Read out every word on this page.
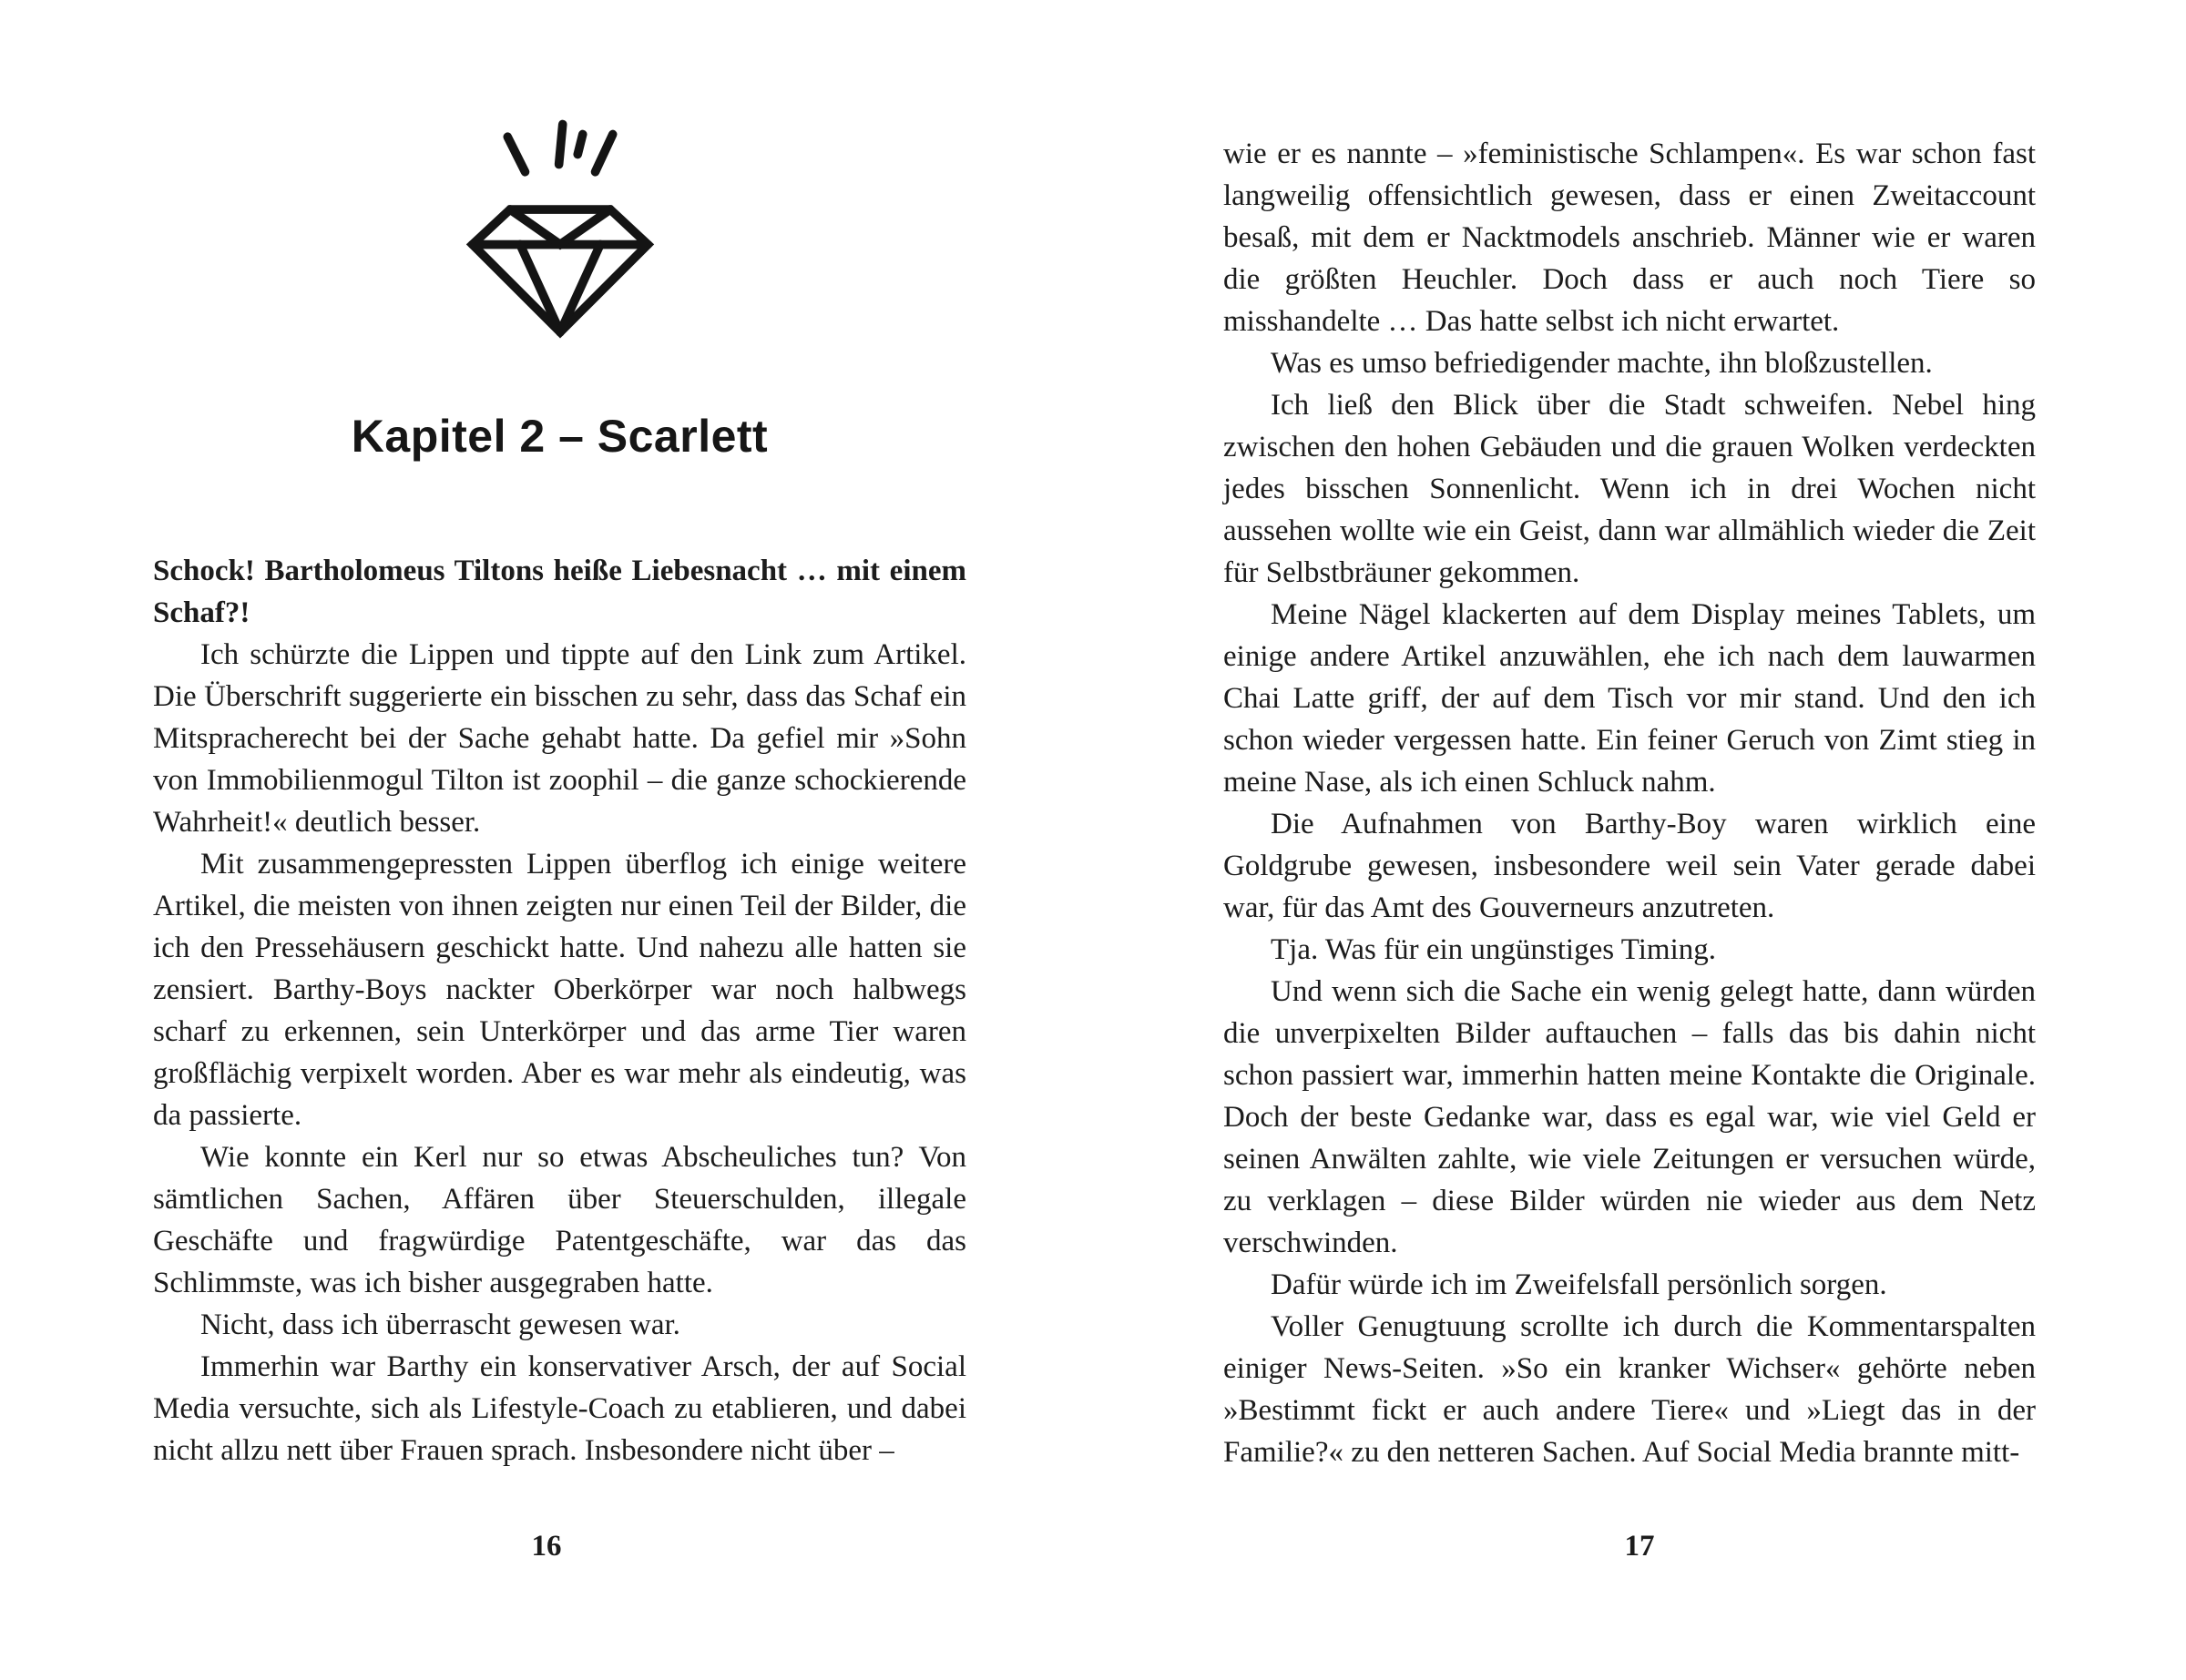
Kapitel 2 – Scarlett

Schock! Bartholomeus Tiltons heiße Liebesnacht … mit einem Schaf?!

Ich schürzte die Lippen und tippte auf den Link zum Artikel. Die Überschrift suggerierte ein bisschen zu sehr, dass das Schaf ein Mitspracherecht bei der Sache gehabt hatte. Da gefiel mir »Sohn von Immobilienmogul Tilton ist zoophil – die ganze schockierende Wahrheit!« deutlich besser.

Mit zusammengepressten Lippen überflog ich einige weitere Artikel, die meisten von ihnen zeigten nur einen Teil der Bilder, die ich den Pressehäusern geschickt hatte. Und nahezu alle hatten sie zensiert. Barthy-Boys nackter Oberkörper war noch halbwegs scharf zu erkennen, sein Unterkörper und das arme Tier waren großflächig verpixelt worden. Aber es war mehr als eindeutig, was da passierte.

Wie konnte ein Kerl nur so etwas Abscheuliches tun? Von sämtlichen Sachen, Affären über Steuerschulden, illegale Geschäfte und fragwürdige Patentgeschäfte, war das das Schlimmste, was ich bisher ausgegraben hatte.

Nicht, dass ich überrascht gewesen war.

Immerhin war Barthy ein konservativer Arsch, der auf Social Media versuchte, sich als Lifestyle-Coach zu etablieren, und dabei nicht allzu nett über Frauen sprach. Insbesondere nicht über –

16

wie er es nannte – »feministische Schlampen«. Es war schon fast langweilig offensichtlich gewesen, dass er einen Zweitaccount besaß, mit dem er Nacktmodels anschrieb. Männer wie er waren die größten Heuchler. Doch dass er auch noch Tiere so misshandelte … Das hatte selbst ich nicht erwartet.

Was es umso befriedigender machte, ihn bloßzustellen.

Ich ließ den Blick über die Stadt schweifen. Nebel hing zwischen den hohen Gebäuden und die grauen Wolken verdeckten jedes bisschen Sonnenlicht. Wenn ich in drei Wochen nicht aussehen wollte wie ein Geist, dann war allmählich wieder die Zeit für Selbstbräuner gekommen.

Meine Nägel klackerten auf dem Display meines Tablets, um einige andere Artikel anzuwählen, ehe ich nach dem lauwarmen Chai Latte griff, der auf dem Tisch vor mir stand. Und den ich schon wieder vergessen hatte. Ein feiner Geruch von Zimt stieg in meine Nase, als ich einen Schluck nahm.

Die Aufnahmen von Barthy-Boy waren wirklich eine Goldgrube gewesen, insbesondere weil sein Vater gerade dabei war, für das Amt des Gouverneurs anzutreten.

Tja. Was für ein ungünstiges Timing.

Und wenn sich die Sache ein wenig gelegt hatte, dann würden die unverpixelten Bilder auftauchen – falls das bis dahin nicht schon passiert war, immerhin hatten meine Kontakte die Originale. Doch der beste Gedanke war, dass es egal war, wie viel Geld er seinen Anwälten zahlte, wie viele Zeitungen er versuchen würde, zu verklagen – diese Bilder würden nie wieder aus dem Netz verschwinden.

Dafür würde ich im Zweifelsfall persönlich sorgen.

Voller Genugtuung scrollte ich durch die Kommentarspalten einiger News-Seiten. »So ein kranker Wichser« gehörte neben »Bestimmt fickt er auch andere Tiere« und »Liegt das in der Familie?« zu den netteren Sachen. Auf Social Media brannte mitt-

17
